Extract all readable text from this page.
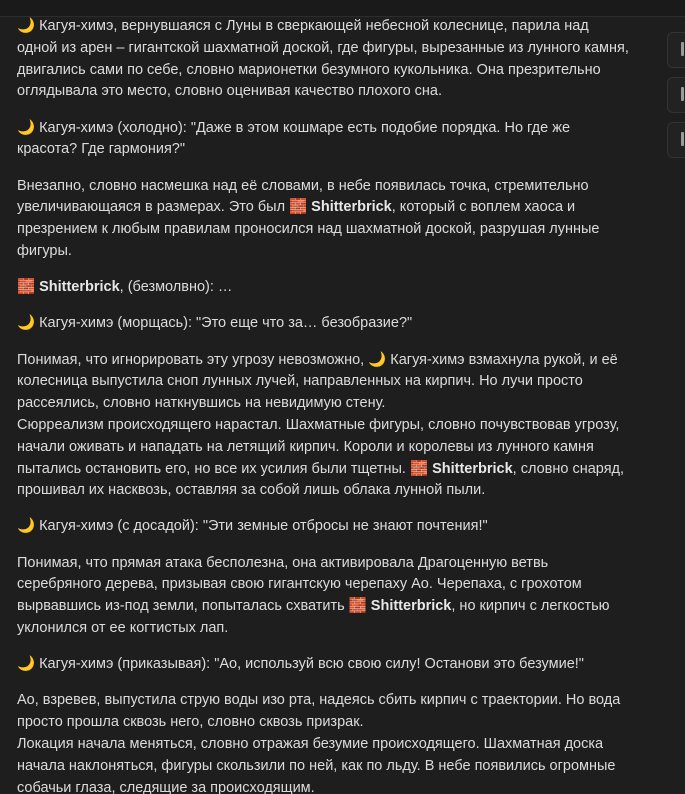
🌙 Кагуя-химэ, вернувшаяся с Луны в сверкающей небесной колеснице, парила над одной из арен – гигантской шахматной доской, где фигуры, вырезанные из лунного камня, двигались сами по себе, словно марионетки безумного кукольника. Она презрительно оглядывала это место, словно оценивая качество плохого сна.

🌙 Кагуя-химэ (холодно): "Даже в этом кошмаре есть подобие порядка. Но где же красота? Где гармония?"

Внезапно, словно насмешка над её словами, в небе появилась точка, стремительно увеличивающаяся в размерах. Это был 🧱 Shitterbrick, который с воплем хаоса и презрением к любым правилам проносился над шахматной доской, разрушая лунные фигуры.

🧱 Shitterbrick, (безмолвно): …

🌙 Кагуя-химэ (морщась): "Это еще что за… безобразие?"

Понимая, что игнорировать эту угрозу невозможно, 🌙 Кагуя-химэ взмахнула рукой, и её колесница выпустила сноп лунных лучей, направленных на кирпич. Но лучи просто рассеялись, словно наткнувшись на невидимую стену.

Сюрреализм происходящего нарастал. Шахматные фигуры, словно почувствовав угрозу, начали оживать и нападать на летящий кирпич. Короли и королевы из лунного камня пытались остановить его, но все их усилия были тщетны. 🧱 Shitterbrick, словно снаряд, прошивал их насквозь, оставляя за собой лишь облака лунной пыли.

🌙 Кагуя-химэ (с досадой): "Эти земные отбросы не знают почтения!"

Понимая, что прямая атака бесполезна, она активировала Драгоценную ветвь серебряного дерева, призывая свою гигантскую черепаху Ао. Черепаха, с грохотом вырвавшись из-под земли, попыталась схватить 🧱 Shitterbrick, но кирпич с легкостью уклонился от ее когтистых лап.

🌙 Кагуя-химэ (приказывая): "Ао, используй всю свою силу! Останови это безумие!"

Ао, взревев, выпустила струю воды изо рта, надеясь сбить кирпич с траектории. Но вода просто прошла сквозь него, словно сквозь призрак.

Локация начала меняться, словно отражая безумие происходящего. Шахматная доска начала наклоняться, фигуры скользили по ней, как по льду. В небе появились огромные собачьи глаза, следящие за происходящим.
